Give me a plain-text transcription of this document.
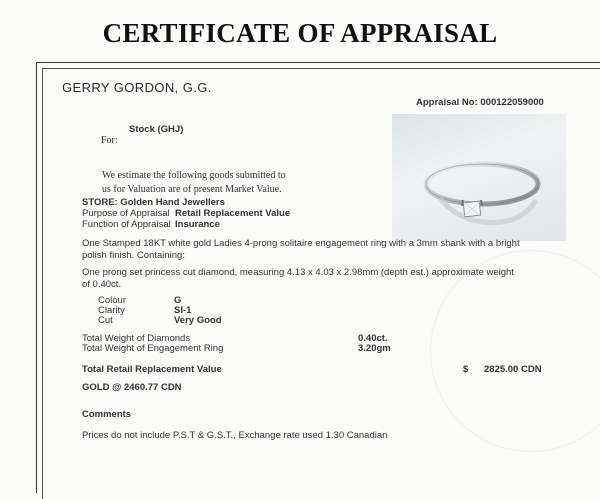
CERTIFICATE OF APPRAISAL
GERRY GORDON, G.G.
Appraisal No: 000122059000
Stock (GHJ)
For:
We estimate the following goods submitted to
us for Valuation are of present Market Value.
STORE: Golden Hand Jewellers
Purpose of Appraisal Retail Replacement Value
Function of Appraisal Insurance
One Stamped 18KT white gold Ladies 4-prong solitaire engagement ring with a 3mm shank with a bright
polish finish. Containing:
One prong set princess cut diamond, measuring 4.13 x 4.03 x 2.98mm (depth est.) approximate weight
of 0.40ct.
Colour	G
Clarity	SI-1
Cut	Very Good
Total Weight of Diamonds	0.40ct.
Total Weight of Engagement Ring	3.20gm
Total Retail Replacement Value	$ 2825.00 CDN
GOLD @ 2460.77 CDN
Comments
Prices do not include P.S.T & G.S.T., Exchange rate used 1.30 Canadian
